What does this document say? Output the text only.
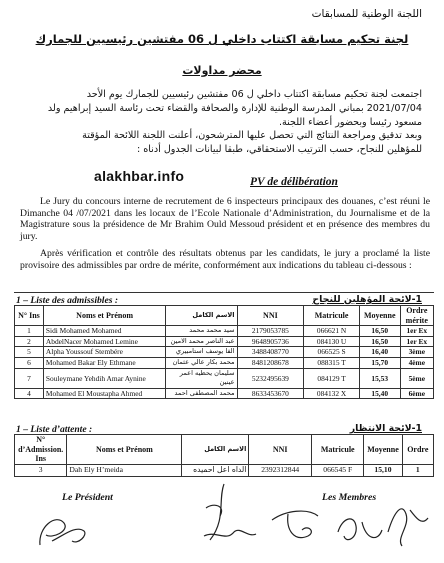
اللجنة الوطنية للمسابقات
لجنة تحكيم مسابقة اكتتاب داخلي ل 06 مفتشين رئيسيين للجمارك
محضر مداولات
اجتمعت لجنة تحكيم مسابقة اكتتاب داخلي ل 06 مفتشين رئيسيين للجمارك يوم الأحد
2021/07/04 بمباني المدرسة الوطنية للإدارة والصحافة والقضاء تحت رئاسة السيد إبراهيم ولد
مسعود رئيسا وبحضور أعضاء اللجنة.
وبعد تدقيق ومراجعة النتائج التي تحصل عليها المترشحون، أعلنت اللجنة اللائحة المؤقتة
للمؤهلين للنجاح، حسب الترتيب الاستحقاقي، طبقا لبيانات الجدول أدناه :
alakhbar.info	PV de délibération

Le Jury du concours interne de recrutement de 6 inspecteurs principaux des douanes, c’est réuni le Dimanche 04 /07/2021 dans les locaux de l’Ecole Nationale d’Administration, du Journalisme et de la Magistrature sous la présidence de Mr Brahim Ould Messoud président et en présence des membres du jury.

Après vérification et contrôle des résultats obtenus par les candidats, le jury a proclamé la liste provisoire des admissibles par ordre de mérite, conformément aux indications du tableau ci-dessous :

1 – Liste des admissibles :	1-لائحة المؤهلين للنجاح
N° Ins	Noms et Prénom	الاسم الكامل	NNI	Matricule	Moyenne	Ordre mérite
1	Sidi Mohamed Mohamed	سيد محمد محمد	2179053785	066621 N	16,50	1er Ex
2	AbdelNacer Mohamed Lemine	عبد الناصر محمد الامين	9648905736	084130 U	16,50	1er Ex
5	Alpha Youssouf Stembére	الفا يوسف استامبيري	3488408770	066525 S	16,40	3ème
6	Mohamed Bakar Ely Ethmane	محمد بكار عالي عثمان	8481208678	088315 T	15,70	4ème
7	Souleymane Yehdih Amar Aynine	سليمان يحظيه اعمر عينين	5232495639	084129 T	15,53	5ème
4	Mohamed El Moustapha Ahmed	محمد المصطفى احمد	8633453670	084132 X	15,40	6ème
1 – Liste d’attente :	1-لائحة الانتظار
N° d’Admission. Ins	Noms et Prénom	الاسم الكامل	NNI	Matricule	Moyenne	Ordre
3	Dah Ely H’meida	الداه اعل احميده	2392312844	066545 F	15,10	1
Le Président	Les Membres
